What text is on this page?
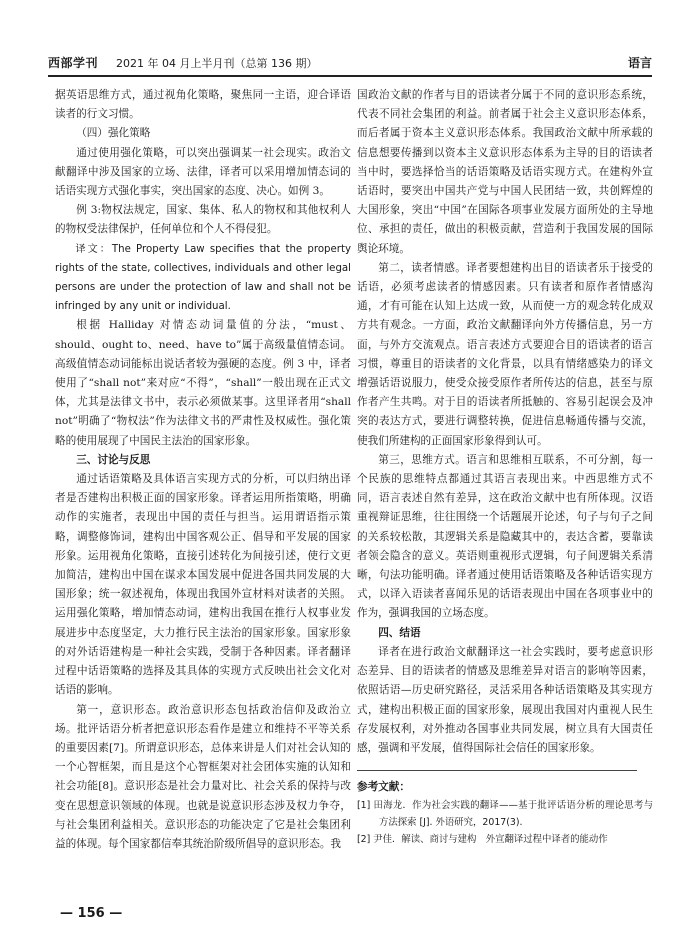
西部学刊 2021 年 04 月上半月刊（总第 136 期）	语言

据英语思维方式，通过视角化策略，聚焦同一主语，迎合译语读者的行文习惯。

（四）强化策略

通过使用强化策略，可以突出强调某一社会现实。政治文献翻译中涉及国家的立场、法律，译者可以采用增加情态词的话语实现方式强化事实，突出国家的态度、决心。如例 3。

例 3:物权法规定，国家、集体、私人的物权和其他权利人的物权受法律保护，任何单位和个人不得侵犯。

译文：The Property Law specifies that the property rights of the state, collectives, individuals and other legal persons are under the protection of law and shall not be infringed by any unit or individual.

根据 Halliday 对情态动词量值的分法，“must、should、ought to、need、have to”属于高级量值情态词。高级值情态动词能标出说话者较为强硬的态度。例 3 中，译者使用了“shall not”来对应“不得”，“shall”一般出现在正式文体，尤其是法律文书中，表示必须做某事。这里译者用“shall not”明确了“物权法”作为法律文书的严肃性及权威性。强化策略的使用展现了中国民主法治的国家形象。

三、讨论与反思

通过话语策略及具体语言实现方式的分析，可以归纳出译者是否建构出积极正面的国家形象。译者运用所指策略，明确动作的实施者，表现出中国的责任与担当。运用谓语指示策略，调整修饰词，建构出中国客观公正、倡导和平发展的国家形象。运用视角化策略，直接引述转化为间接引述，使行文更加简洁，建构出中国在谋求本国发展中促进各国共同发展的大国形象；统一叙述视角，体现出我国外宣材料对读者的关照。运用强化策略，增加情态动词，建构出我国在推行人权事业发展进步中态度坚定，大力推行民主法治的国家形象。国家形象的对外话语建构是一种社会实践，受制于各种因素。译者翻译过程中话语策略的选择及其具体的实现方式反映出社会文化对话语的影响。

第一，意识形态。政治意识形态包括政治信仰及政治立场。批评话语分析者把意识形态看作是建立和维持不平等关系的重要因素[7]。所谓意识形态，总体来讲是人们对社会认知的一个心智框架，而且是这个心智框架对社会团体实施的认知和社会功能[8]。意识形态是社会力量对比、社会关系的保持与改变在思想意识领域的体现。也就是说意识形态涉及权力争夺，与社会集团利益相关。意识形态的功能决定了它是社会集团利益的体现。每个国家都信奉其统治阶级所倡导的意识形态。我

国政治文献的作者与目的语读者分属于不同的意识形态系统，代表不同社会集团的利益。前者属于社会主义意识形态体系，而后者属于资本主义意识形态体系。我国政治文献中所承载的信息想要传播到以资本主义意识形态体系为主导的目的语读者当中时，要选择恰当的话语策略及话语实现方式。在建构外宣话语时，要突出中国共产党与中国人民团结一致，共创辉煌的大国形象，突出“中国”在国际各项事业发展方面所处的主导地位、承担的责任，做出的积极贡献，营造利于我国发展的国际舆论环境。

第二，读者情感。译者要想建构出目的语读者乐于接受的话语，必须考虑读者的情感因素。只有读者和原作者情感沟通，才有可能在认知上达成一致，从而使一方的观念转化成双方共有观念。一方面，政治文献翻译向外方传播信息，另一方面，与外方交流观点。语言表述方式要迎合目的语读者的语言习惯，尊重目的语读者的文化背景，以具有情绪感染力的译文增强话语说服力，使受众接受原作者所传达的信息，甚至与原作者产生共鸣。对于目的语读者所抵触的、容易引起误会及冲突的表达方式，要进行调整转换，促进信息畅通传播与交流，使我们所建构的正面国家形象得到认可。

第三，思维方式。语言和思维相互联系，不可分割，每一个民族的思维特点都通过其语言表现出来。中西思维方式不同，语言表述自然有差异，这在政治文献中也有所体现。汉语重视辩证思维，往往围绕一个话题展开论述，句子与句子之间的关系较松散，其逻辑关系是隐藏其中的，表达含蓄，要靠读者领会隐含的意义。英语则重视形式逻辑，句子间逻辑关系清晰，句法功能明确。译者通过使用话语策略及各种话语实现方式，以译入语读者喜闻乐见的话语表现出中国在各项事业中的作为，强调我国的立场态度。

四、结语

译者在进行政治文献翻译这一社会实践时，要考虑意识形态差异、目的语读者的情感及思维差异对语言的影响等因素，依照话语—历史研究路径，灵活采用各种话语策略及其实现方式，建构出积极正面的国家形象，展现出我国对内重视人民生存发展权利，对外推动各国事业共同发展，树立具有大国责任感，强调和平发展，值得国际社会信任的国家形象。

参考文献：
[1] 田海龙．作为社会实践的翻译——基于批评话语分析的理论思考与方法探索 [J]. 外语研究，2017(3).
[2] 尹佳．解读、商讨与建构　外宣翻译过程中译者的能动作
— 156 —
